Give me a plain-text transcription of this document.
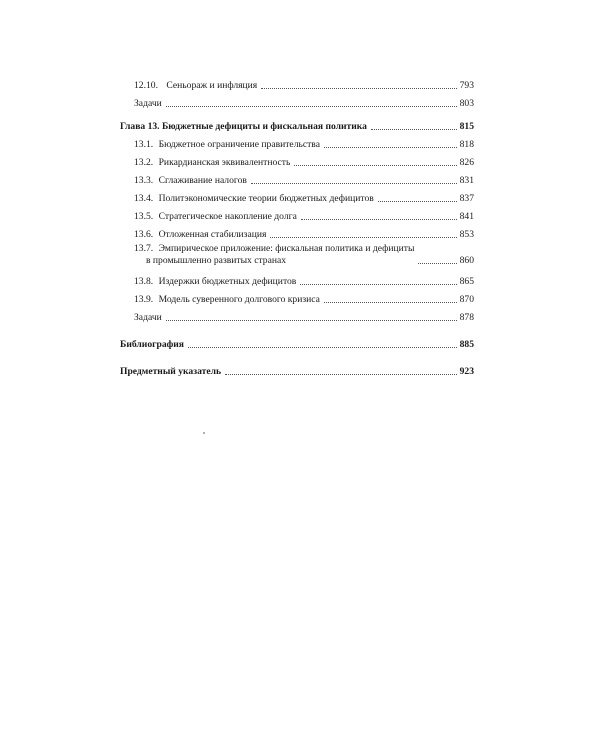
12.10. Сеньораж и инфляция	793
Задачи	803
Глава 13. Бюджетные дефициты и фискальная политика	815
13.1. Бюджетное ограничение правительства	818
13.2. Рикардианская эквивалентность	826
13.3. Сглаживание налогов	831
13.4. Политэкономические теории бюджетных дефицитов	837
13.5. Стратегическое накопление долга	841
13.6. Отложенная стабилизация	853
13.7. Эмпирическое приложение: фискальная политика и дефициты
в промышленно развитых странах	860
13.8. Издержки бюджетных дефицитов	865
13.9. Модель суверенного долгового кризиса	870
Задачи	878
Библиография	885
Предметный указатель	923
